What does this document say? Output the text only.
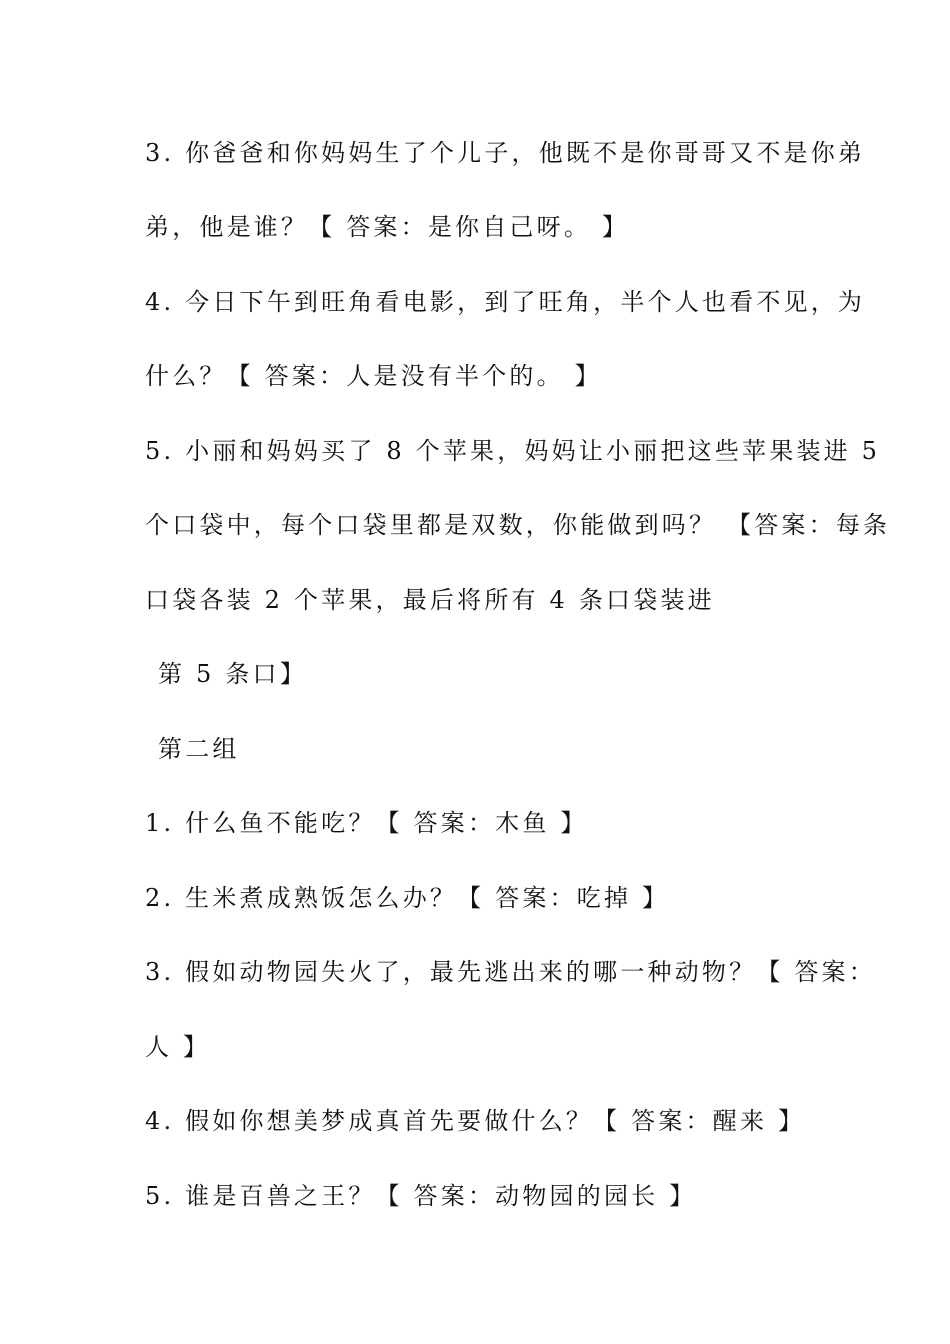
3. 你爸爸和你妈妈生了个儿子，他既不是你哥哥又不是你弟
弟，他是谁？【 答案：是你自己呀。 】
4. 今日下午到旺角看电影，到了旺角，半个人也看不见，为
什么？【 答案：人是没有半个的。 】
5. 小丽和妈妈买了 8 个苹果，妈妈让小丽把这些苹果装进 5
个口袋中，每个口袋里都是双数，你能做到吗？ 【答案：每条
口袋各装 2 个苹果，最后将所有 4 条口袋装进
第 5 条口】
第二组
1. 什么鱼不能吃？【 答案：木鱼 】
2. 生米煮成熟饭怎么办？【 答案：吃掉 】
3. 假如动物园失火了，最先逃出来的哪一种动物？【 答案：
人 】
4. 假如你想美梦成真首先要做什么？【 答案：醒来 】
5. 谁是百兽之王？【 答案：动物园的园长 】
